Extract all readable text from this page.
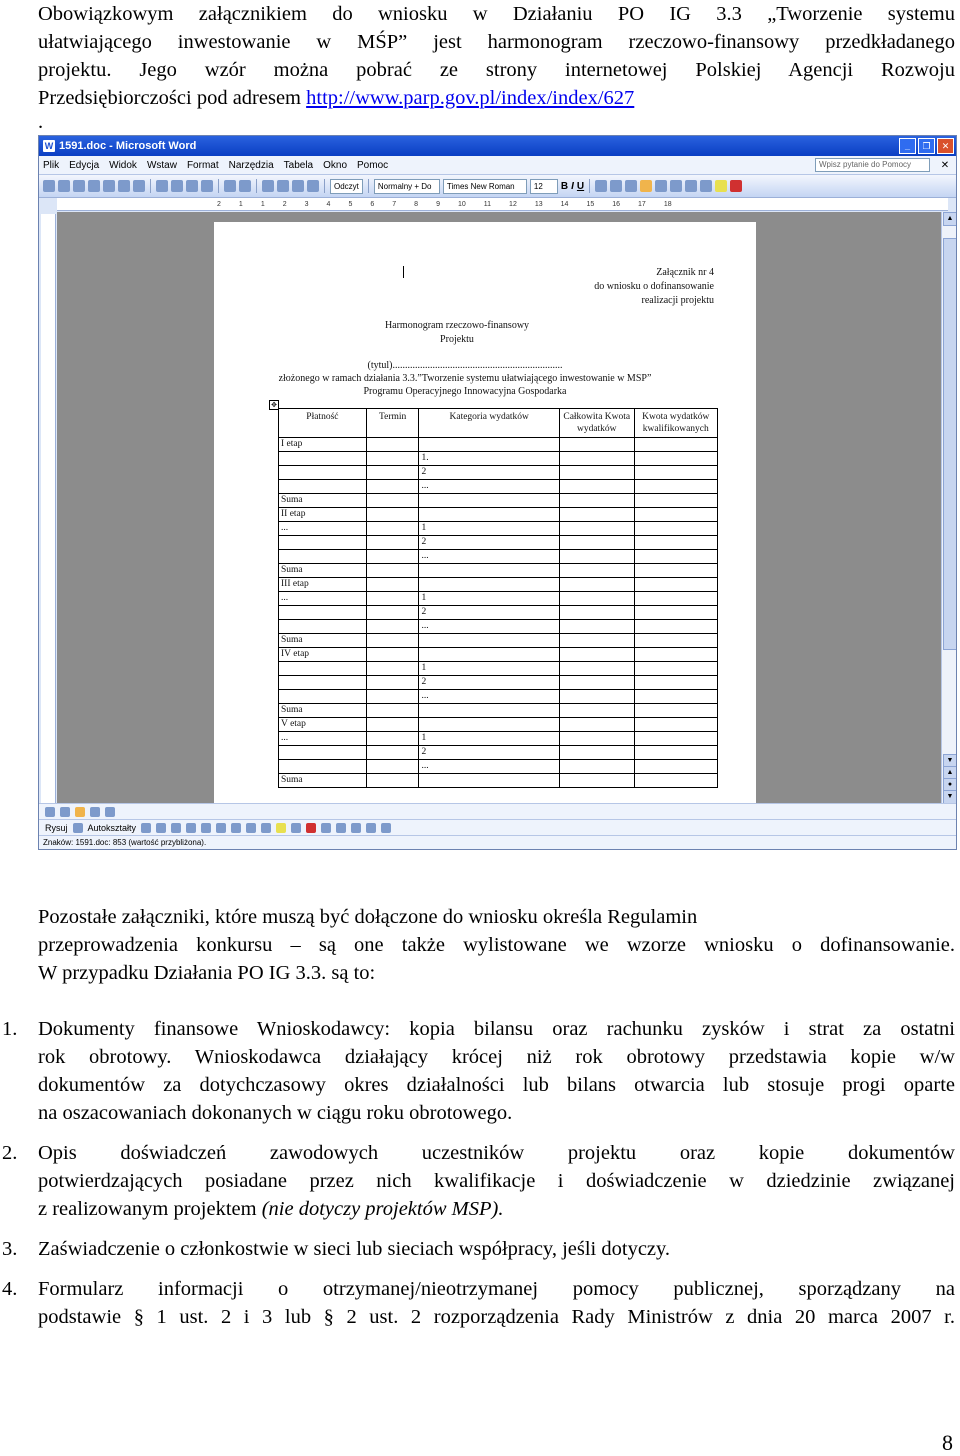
Obowiązkowym załącznikiem do wniosku w Działaniu PO IG 3.3 „Tworzenie systemu
ułatwiającego inwestowanie w MŚP” jest harmonogram rzeczowo-finansowy przedkładanego
projektu. Jego wzór można pobrać ze strony internetowej Polskiej Agencji Rozwoju
Przedsiębiorczości pod adresem http://www.parp.gov.pl/index/index/627
.
W 1591.doc - Microsoft Word	_	❐	✕
Plik Edycja Widok Wstaw Format Narzędzia Tabela Okno Pomoc	Wpisz pytanie do Pomocy	✕
Odczyt	Normalny + Do	Times New Roman	12	B I U
2	1	1	2	3	4	5	6	7	8	9	10	11	12	13	14	15	16	17	18
Załącznik nr 4
do wniosku o dofinansowanie
realizacji projektu
Harmonogram rzeczowo-finansowy
Projektu
(tytul)....................................................................
złożonego w ramach działania 3.3.”Tworzenie systemu ułatwiającego inwestowanie w MSP”
Programu Operacyjnego Innowacyjna Gospodarka
✥
Płatność	Termin	Kategoria wydatków	Całkowita Kwota wydatków	Kwota wydatków kwalifikowanych
I etap				
		1.		
		2		
		...		
Suma				
II etap				
...		1		
		2		
		...		
Suma				
III etap				
...		1		
		2		
		...		
Suma				
IV etap				
		1		
		2		
		...		
Suma				
V etap				
...		1		
		2		
		...		
Suma				
▲
▼
▲
●
▼
Rysuj Autokształty
Znaków: 1591.doc: 853 (wartość przybliżona).
Pozostałe załączniki, które muszą być dołączone do wniosku określa Regulamin
przeprowadzenia konkursu – są one także wylistowane we wzorze wniosku o dofinansowanie.
W przypadku Działania PO IG 3.3. są to:
1. Dokumenty finansowe Wnioskodawcy: kopia bilansu oraz rachunku zysków i strat za ostatni
rok obrotowy. Wnioskodawca działający krócej niż rok obrotowy przedstawia kopie w/w
dokumentów za dotychczasowy okres działalności lub bilans otwarcia lub stosuje progi oparte
na oszacowaniach dokonanych w ciągu roku obrotowego.
2. Opis doświadczeń zawodowych uczestników projektu oraz kopie dokumentów
potwierdzających posiadane przez nich kwalifikacje i doświadczenie w dziedzinie związanej
z realizowanym projektem (nie dotyczy projektów MSP).
3. Zaświadczenie o członkostwie w sieci lub sieciach współpracy, jeśli dotyczy.
4. Formularz informacji o otrzymanej/nieotrzymanej pomocy publicznej, sporządzany na
podstawie § 1 ust. 2 i 3 lub § 2 ust. 2 rozporządzenia Rady Ministrów z dnia 20 marca 2007 r.
8
